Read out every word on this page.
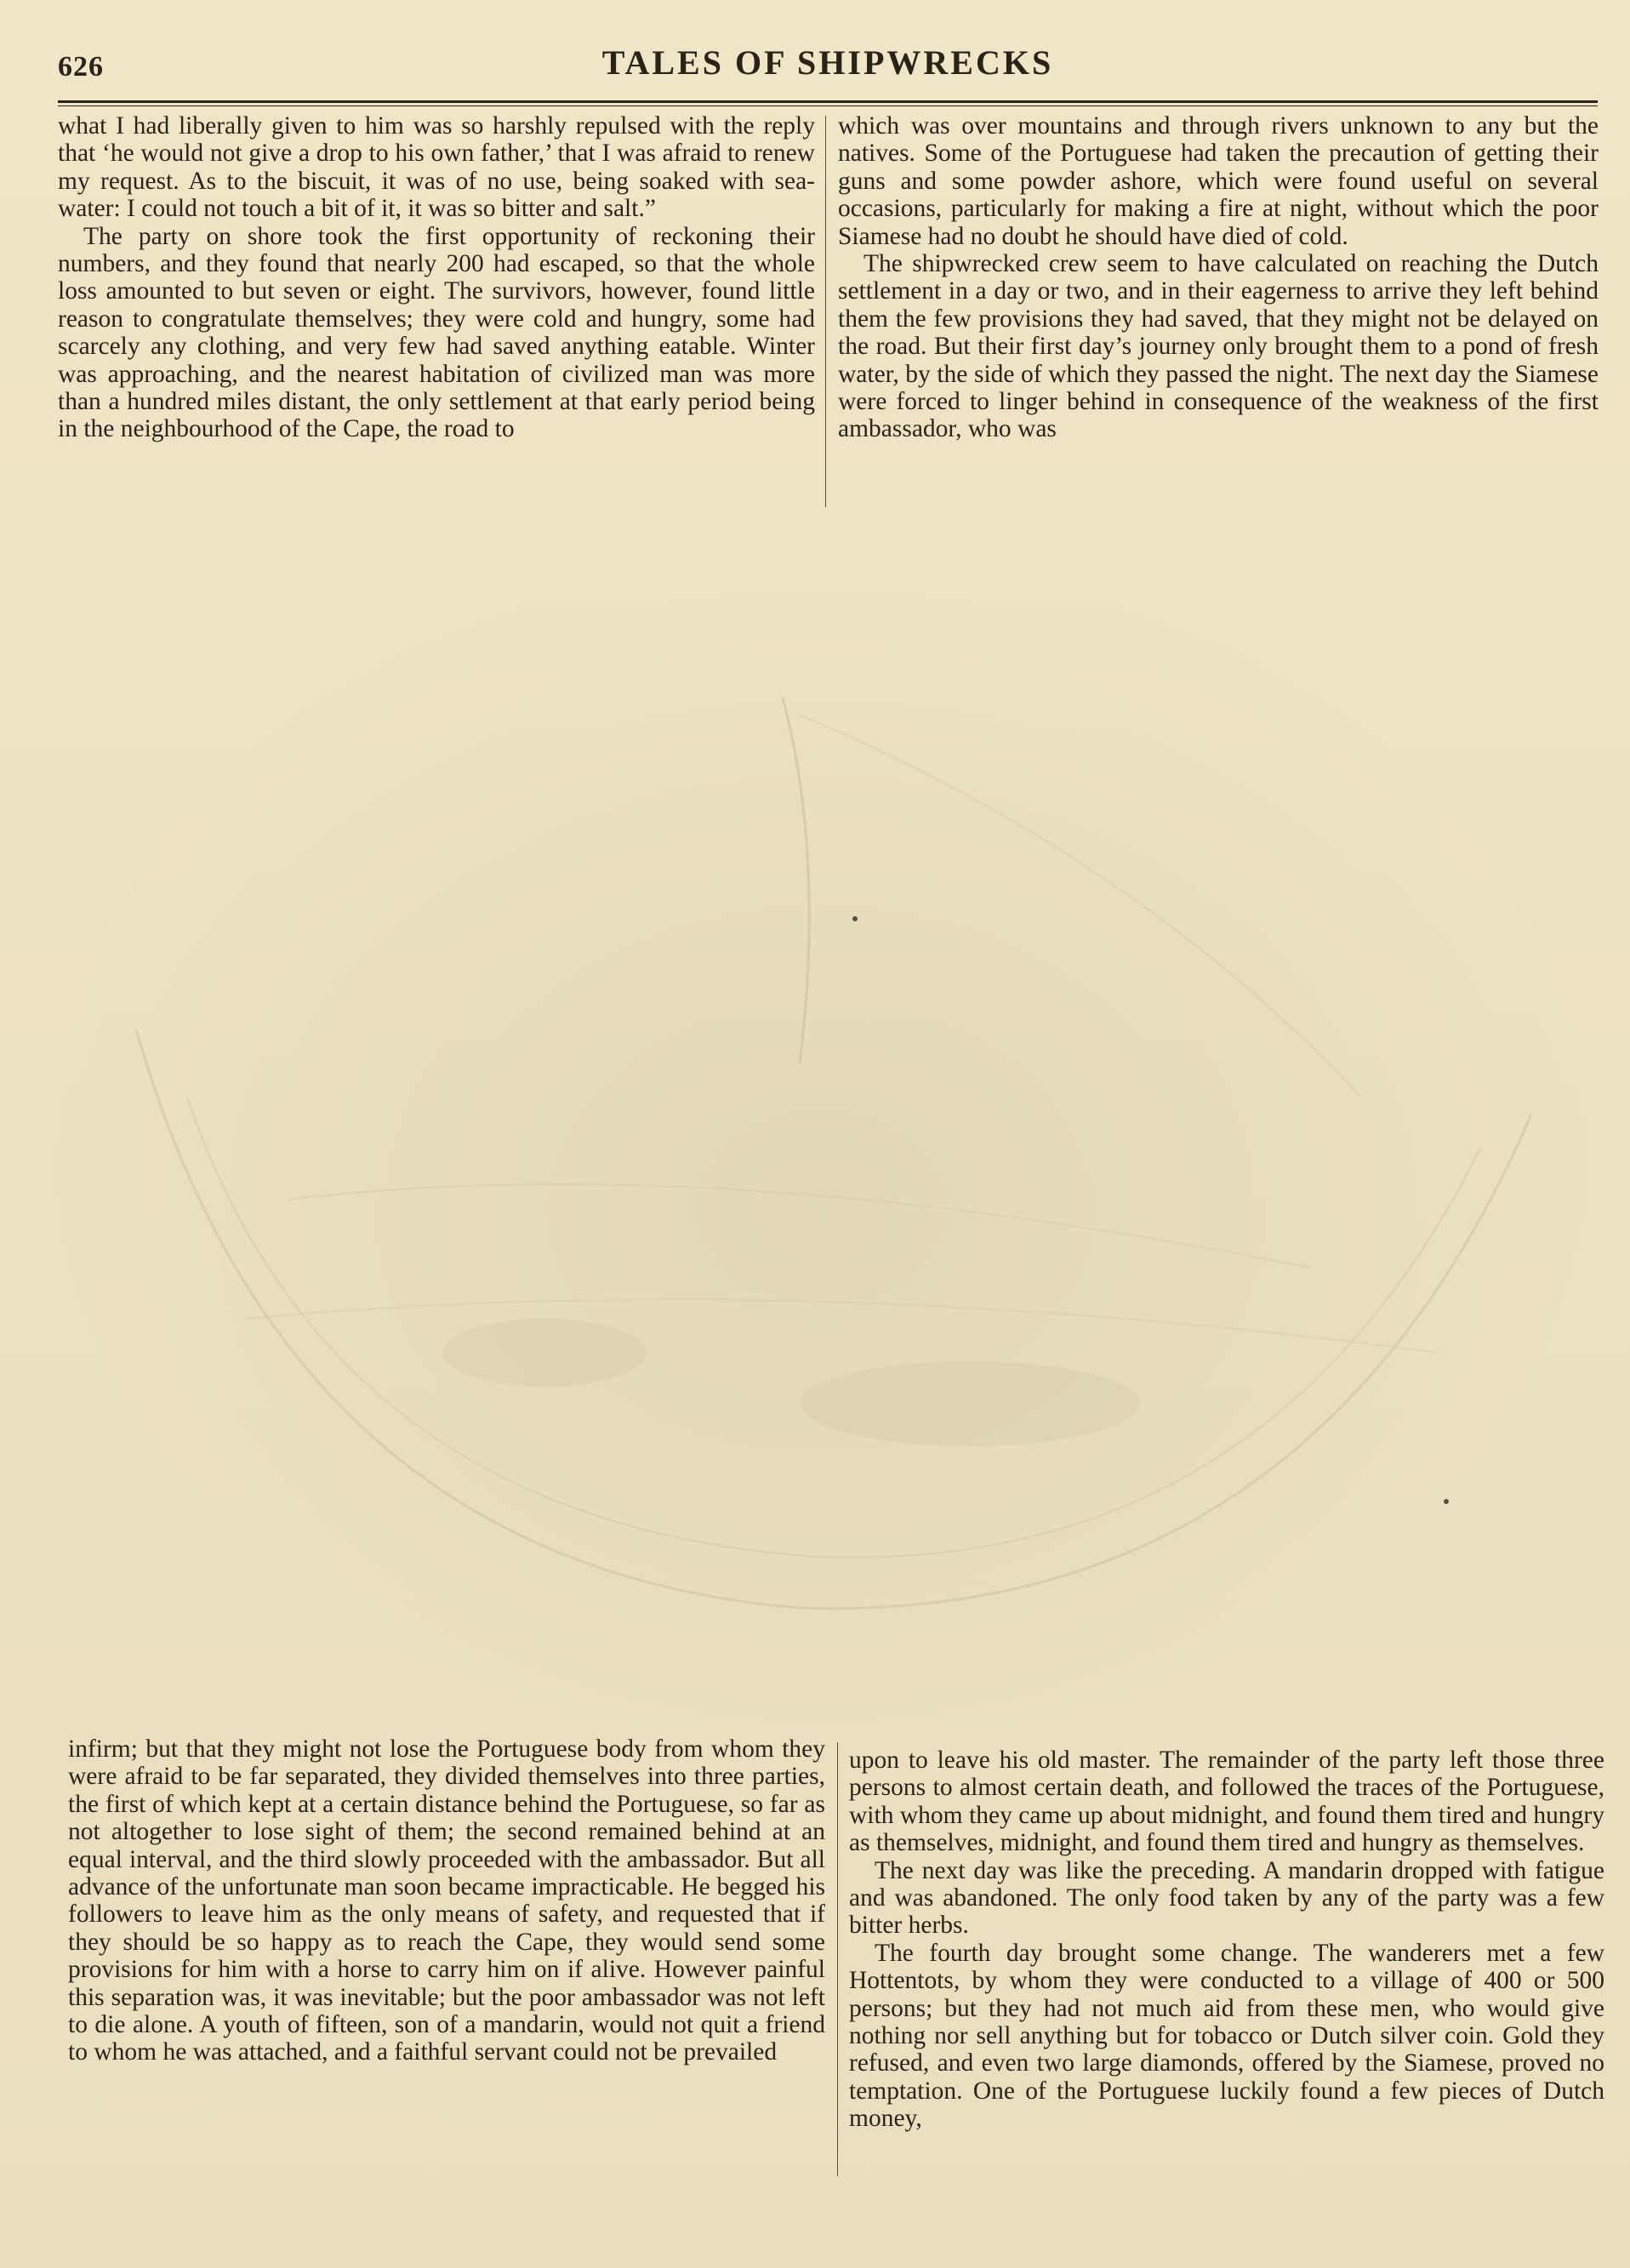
626	TALES OF SHIPWRECKS

what I had liberally given to him was so harshly repulsed with the reply that ‘he would not give a drop to his own father,’ that I was afraid to renew my request. As to the biscuit, it was of no use, being soaked with sea-water: I could not touch a bit of it, it was so bitter and salt.”

The party on shore took the first opportunity of reckoning their numbers, and they found that nearly 200 had escaped, so that the whole loss amounted to but seven or eight. The survivors, however, found little reason to congratulate themselves; they were cold and hungry, some had scarcely any clothing, and very few had saved anything eatable. Winter was approaching, and the nearest habitation of civilized man was more than a hundred miles distant, the only settlement at that early period being in the neighbourhood of the Cape, the road to

which was over mountains and through rivers unknown to any but the natives. Some of the Portuguese had taken the precaution of getting their guns and some powder ashore, which were found useful on several occasions, particularly for making a fire at night, without which the poor Siamese had no doubt he should have died of cold.

The shipwrecked crew seem to have calculated on reaching the Dutch settlement in a day or two, and in their eagerness to arrive they left behind them the few provisions they had saved, that they might not be delayed on the road. But their first day’s journey only brought them to a pond of fresh water, by the side of which they passed the night. The next day the Siamese were forced to linger behind in consequence of the weakness of the first ambassador, who was

infirm; but that they might not lose the Portuguese body from whom they were afraid to be far separated, they divided themselves into three parties, the first of which kept at a certain distance behind the Portuguese, so far as not altogether to lose sight of them; the second remained behind at an equal interval, and the third slowly proceeded with the ambassador. But all advance of the unfortunate man soon became impracticable. He begged his followers to leave him as the only means of safety, and requested that if they should be so happy as to reach the Cape, they would send some provisions for him with a horse to carry him on if alive. However painful this separation was, it was inevitable; but the poor ambassador was not left to die alone. A youth of fifteen, son of a mandarin, would not quit a friend to whom he was attached, and a faithful servant could not be prevailed

upon to leave his old master. The remainder of the party left those three persons to almost certain death, and followed the traces of the Portuguese, with whom they came up about midnight, and found them tired and hungry as themselves, midnight, and found them tired and hungry as themselves.

The next day was like the preceding. A mandarin dropped with fatigue and was abandoned. The only food taken by any of the party was a few bitter herbs.

The fourth day brought some change. The wanderers met a few Hottentots, by whom they were conducted to a village of 400 or 500 persons; but they had not much aid from these men, who would give nothing nor sell anything but for tobacco or Dutch silver coin. Gold they refused, and even two large diamonds, offered by the Siamese, proved no temptation. One of the Portuguese luckily found a few pieces of Dutch money,
